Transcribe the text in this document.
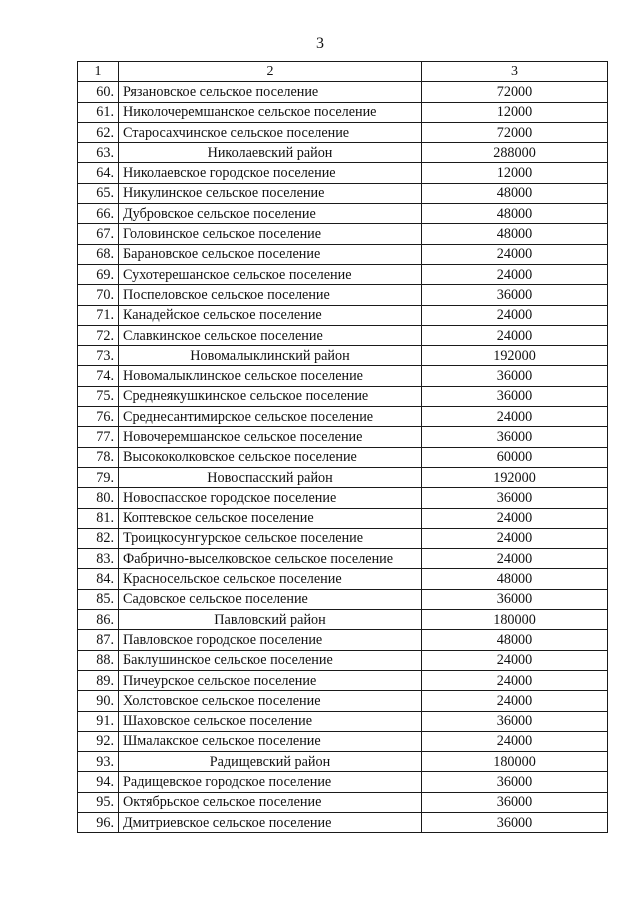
3
1	2	3
60.	Рязановское сельское поселение	72000
61.	Николочеремшанское сельское поселение	12000
62.	Старосахчинское сельское поселение	72000
63.	Николаевский район	288000
64.	Николаевское городское поселение	12000
65.	Никулинское сельское поселение	48000
66.	Дубровское сельское поселение	48000
67.	Головинское сельское поселение	48000
68.	Барановское сельское поселение	24000
69.	Сухотерешанское сельское поселение	24000
70.	Поспеловское сельское поселение	36000
71.	Канадейское сельское поселение	24000
72.	Славкинское сельское поселение	24000
73.	Новомалыклинский район	192000
74.	Новомалыклинское сельское поселение	36000
75.	Среднеякушкинское сельское поселение	36000
76.	Среднесантимирское сельское поселение	24000
77.	Новочеремшанское сельское поселение	36000
78.	Высококолковское сельское поселение	60000
79.	Новоспасский район	192000
80.	Новоспасское городское поселение	36000
81.	Коптевское сельское поселение	24000
82.	Троицкосунгурское сельское поселение	24000
83.	Фабрично-выселковское сельское поселение	24000
84.	Красносельское сельское поселение	48000
85.	Садовское сельское поселение	36000
86.	Павловский район	180000
87.	Павловское городское поселение	48000
88.	Баклушинское сельское поселение	24000
89.	Пичеурское сельское поселение	24000
90.	Холстовское сельское поселение	24000
91.	Шаховское сельское поселение	36000
92.	Шмалакское сельское поселение	24000
93.	Радищевский район	180000
94.	Радищевское городское поселение	36000
95.	Октябрьское сельское поселение	36000
96.	Дмитриевское сельское поселение	36000
